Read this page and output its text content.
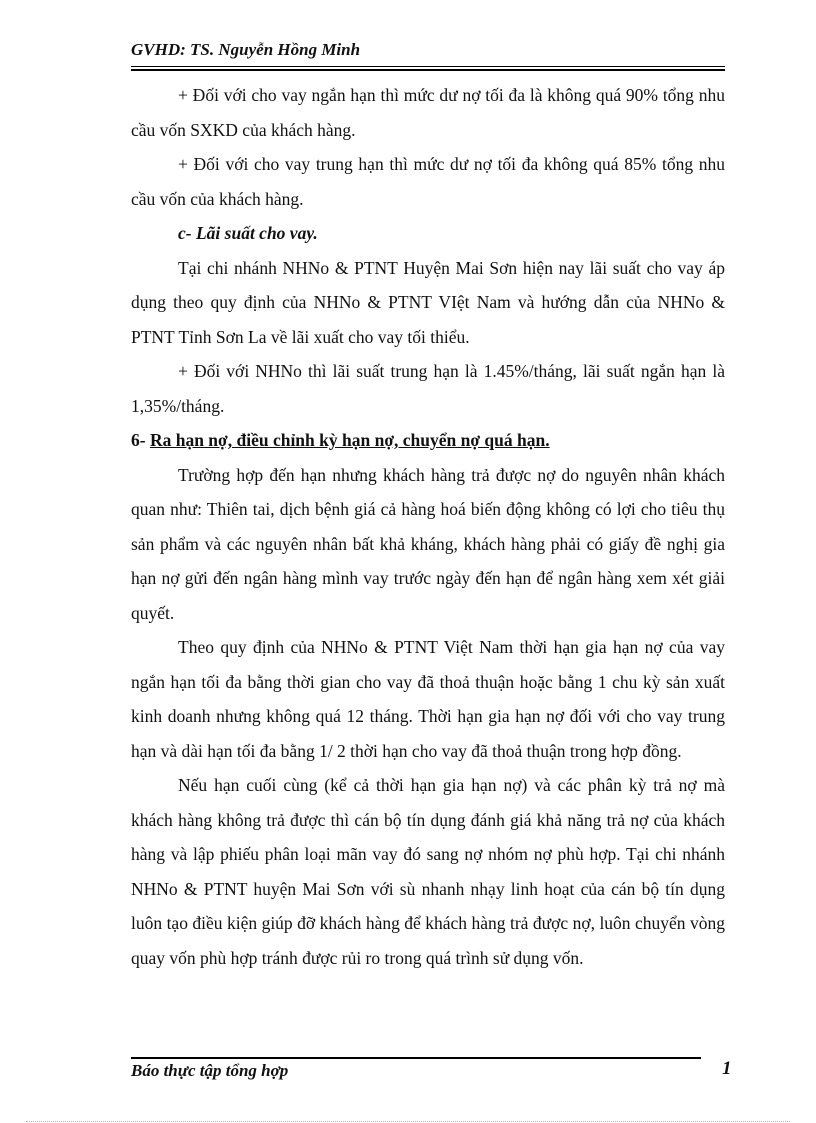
GVHD: TS. Nguyễn Hồng Minh

+ Đối với cho vay ngắn hạn thì mức dư nợ tối đa là không quá 90% tổng nhu cầu vốn SXKD của khách hàng.

+ Đối với cho vay trung hạn thì mức dư nợ tối đa không quá 85% tổng nhu cầu vốn của khách hàng.

c- Lãi suất cho vay.

Tại chi nhánh NHNo & PTNT Huyện Mai Sơn hiện nay lãi suất cho vay áp dụng theo quy định của NHNo & PTNT VIệt Nam và hướng dẫn của NHNo & PTNT Tỉnh Sơn La về lãi xuất cho vay tối thiểu.

+ Đối với NHNo thì lãi suất trung hạn là 1.45%/tháng, lãi suất ngắn hạn là 1,35%/tháng.

6- Ra hạn nợ, điều chỉnh kỳ hạn nợ, chuyển nợ quá hạn.

Trường hợp đến hạn nhưng khách hàng trả được nợ do nguyên nhân khách quan như: Thiên tai, dịch bệnh giá cả hàng hoá biến động không có lợi cho tiêu thụ sản phẩm và các nguyên nhân bất khả kháng, khách hàng phải có giấy đề nghị gia hạn nợ gửi đến ngân hàng mình vay trước ngày đến hạn để ngân hàng xem xét giải quyết.

Theo quy định của NHNo & PTNT Việt Nam thời hạn gia hạn nợ của vay ngắn hạn tối đa bằng thời gian cho vay đã thoả thuận hoặc bằng 1 chu kỳ sản xuất kinh doanh nhưng không quá 12 tháng. Thời hạn gia hạn nợ đối với cho vay trung hạn và dài hạn tối đa bằng 1/ 2 thời hạn cho vay đã thoả thuận trong hợp đồng.

Nếu hạn cuối cùng (kể cả thời hạn gia hạn nợ) và các phân kỳ trả nợ mà khách hàng không trả được thì cán bộ tín dụng đánh giá khả năng trả nợ của khách hàng và lập phiếu phân loại mãn vay đó sang nợ nhóm nợ phù hợp. Tại chi nhánh NHNo & PTNT huyện Mai Sơn với sù nhanh nhạy linh hoạt của cán bộ tín dụng luôn tạo điều kiện giúp đỡ khách hàng để khách hàng trả được nợ, luôn chuyển vòng quay vốn phù hợp tránh được rủi ro trong quá trình sử dụng vốn.

Báo thực tập tổng hợp	1
